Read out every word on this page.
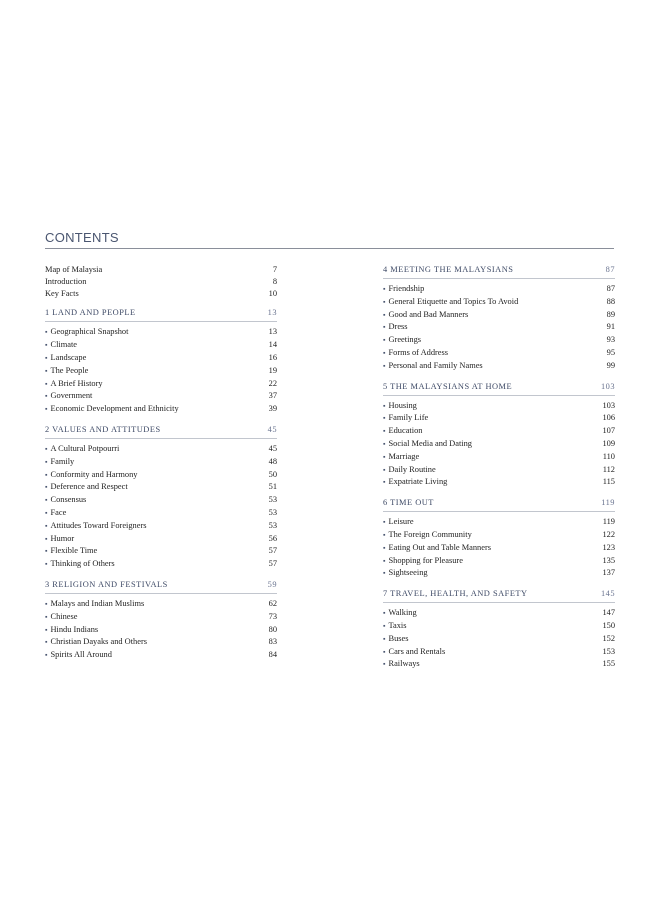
CONTENTS
Map of Malaysia	7
Introduction	8
Key Facts	10
1 LAND AND PEOPLE	13
▪ Geographical Snapshot	13
▪ Climate	14
▪ Landscape	16
▪ The People	19
▪ A Brief History	22
▪ Government	37
▪ Economic Development and Ethnicity	39
2 VALUES AND ATTITUDES	45
▪ A Cultural Potpourri	45
▪ Family	48
▪ Conformity and Harmony	50
▪ Deference and Respect	51
▪ Consensus	53
▪ Face	53
▪ Attitudes Toward Foreigners	53
▪ Humor	56
▪ Flexible Time	57
▪ Thinking of Others	57
3 RELIGION AND FESTIVALS	59
▪ Malays and Indian Muslims	62
▪ Chinese	73
▪ Hindu Indians	80
▪ Christian Dayaks and Others	83
▪ Spirits All Around	84
4 MEETING THE MALAYSIANS	87
▪ Friendship	87
▪ General Etiquette and Topics To Avoid	88
▪ Good and Bad Manners	89
▪ Dress	91
▪ Greetings	93
▪ Forms of Address	95
▪ Personal and Family Names	99
5 THE MALAYSIANS AT HOME	103
▪ Housing	103
▪ Family Life	106
▪ Education	107
▪ Social Media and Dating	109
▪ Marriage	110
▪ Daily Routine	112
▪ Expatriate Living	115
6 TIME OUT	119
▪ Leisure	119
▪ The Foreign Community	122
▪ Eating Out and Table Manners	123
▪ Shopping for Pleasure	135
▪ Sightseeing	137
7 TRAVEL, HEALTH, AND SAFETY	145
▪ Walking	147
▪ Taxis	150
▪ Buses	152
▪ Cars and Rentals	153
▪ Railways	155
